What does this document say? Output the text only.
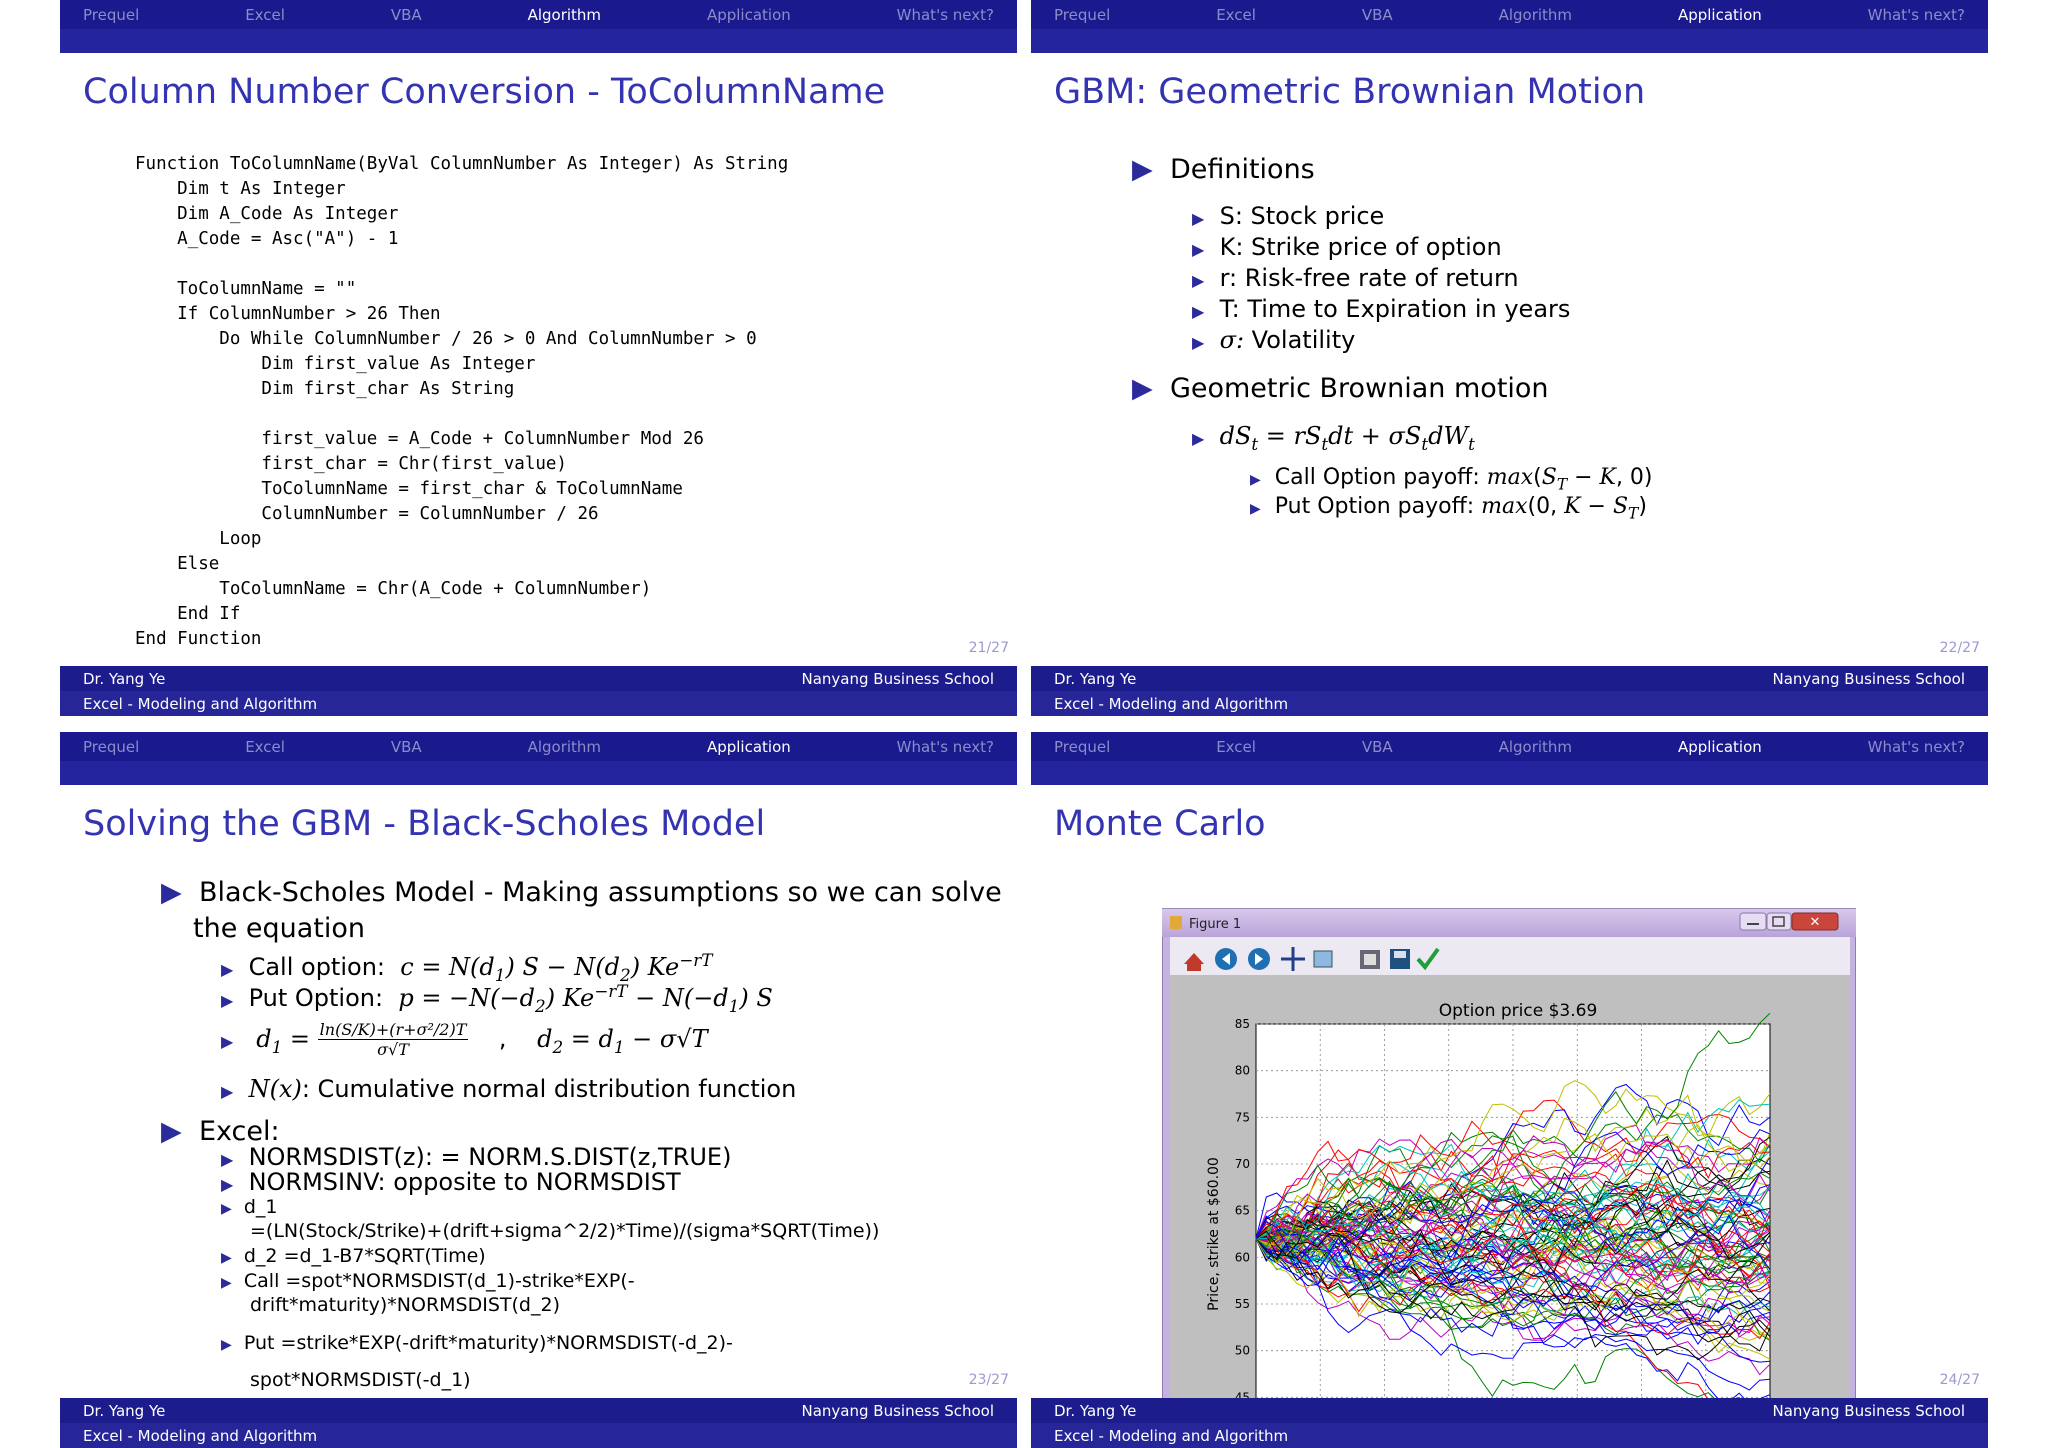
Prequel	Excel	VBA	Algorithm	Application	What's next?
Column Number Conversion - ToColumnName
Function ToColumnName(ByVal ColumnNumber As Integer) As String
Dim t As Integer
Dim A_Code As Integer
A_Code = Asc("A") - 1

ToColumnName = ""
If ColumnNumber > 26 Then
Do While ColumnNumber / 26 > 0 And ColumnNumber > 0
Dim first_value As Integer
Dim first_char As String

first_value = A_Code + ColumnNumber Mod 26
first_char = Chr(first_value)
ToColumnName = first_char & ToColumnName
ColumnNumber = ColumnNumber / 26
Loop
Else
ToColumnName = Chr(A_Code + ColumnNumber)
End If
End Function	21/27
Dr. Yang Ye	Nanyang Business School
Excel - Modeling and Algorithm
Prequel	Excel	VBA	Algorithm	Application	What's next?
GBM: Geometric Brownian Motion
▶ Definitions
▶ S: Stock price
▶ K: Strike price of option
▶ r: Risk-free rate of return
▶ T: Time to Expiration in years
▶ σ: Volatility
▶ Geometric Brownian motion
▶ $dS_t = rS_tdt + \sigma S_tdW_t$
▶ Call Option payoff: $\max(S_T - K$, 0)
▶ Put Option payoff: max(0, $K - S_T$)
22/27
Dr. Yang Ye	Nanyang Business School
Excel - Modeling and Algorithm
Prequel	Excel	VBA	Algorithm	Application	What's next?
Solving the GBM - Black-Scholes Model
▶ Black-Scholes Model - Making assumptions so we can solve
the equation
▶ Call option: $c = N(d_1) S - N(d_2)$ $Ke^{-rT}$
▶ Put Option: $p = -N(-d_2) Ke^{-rT} - N(-d_1)$ S
▶ $d_1 = \frac{\text{ln(S/K)+(r+σ²/2)T}}{\sigma√T}$ ,    $d_2 = d_1 - \sigma√T$
▶ N(x): Cumulative normal distribution function
▶ Excel:
▶ NORMSDIST(z): = NORM.S.DIST(z,TRUE)
▶ NORMSINV: opposite to NORMSDIST
▶ d_1
=(LN(Stock/Strike)+(drift+sigma^2/2)*Time)/(sigma*SQRT(Time))
▶ d_2 =d_1-B7*SQRT(Time)
▶ Call =spot*NORMSDIST(d_1)-strike*EXP(-
drift*maturity)*NORMSDIST(d_2)
▶ Put =strike*EXP(-drift*maturity)*NORMSDIST(-d_2)-
spot*NORMSDIST(-d_1)	23/27
Dr. Yang Ye	Nanyang Business School
Excel - Modeling and Algorithm
Prequel	Excel	VBA	Algorithm	Application	What's next?
Monte Carlo
Figure 1	✕
Option price $3.69
50
55
60
65
70
75
80
85
Price, strike at $60.00
24/27
Dr. Yang Ye	Nanyang Business School
Excel - Modeling and Algorithm
